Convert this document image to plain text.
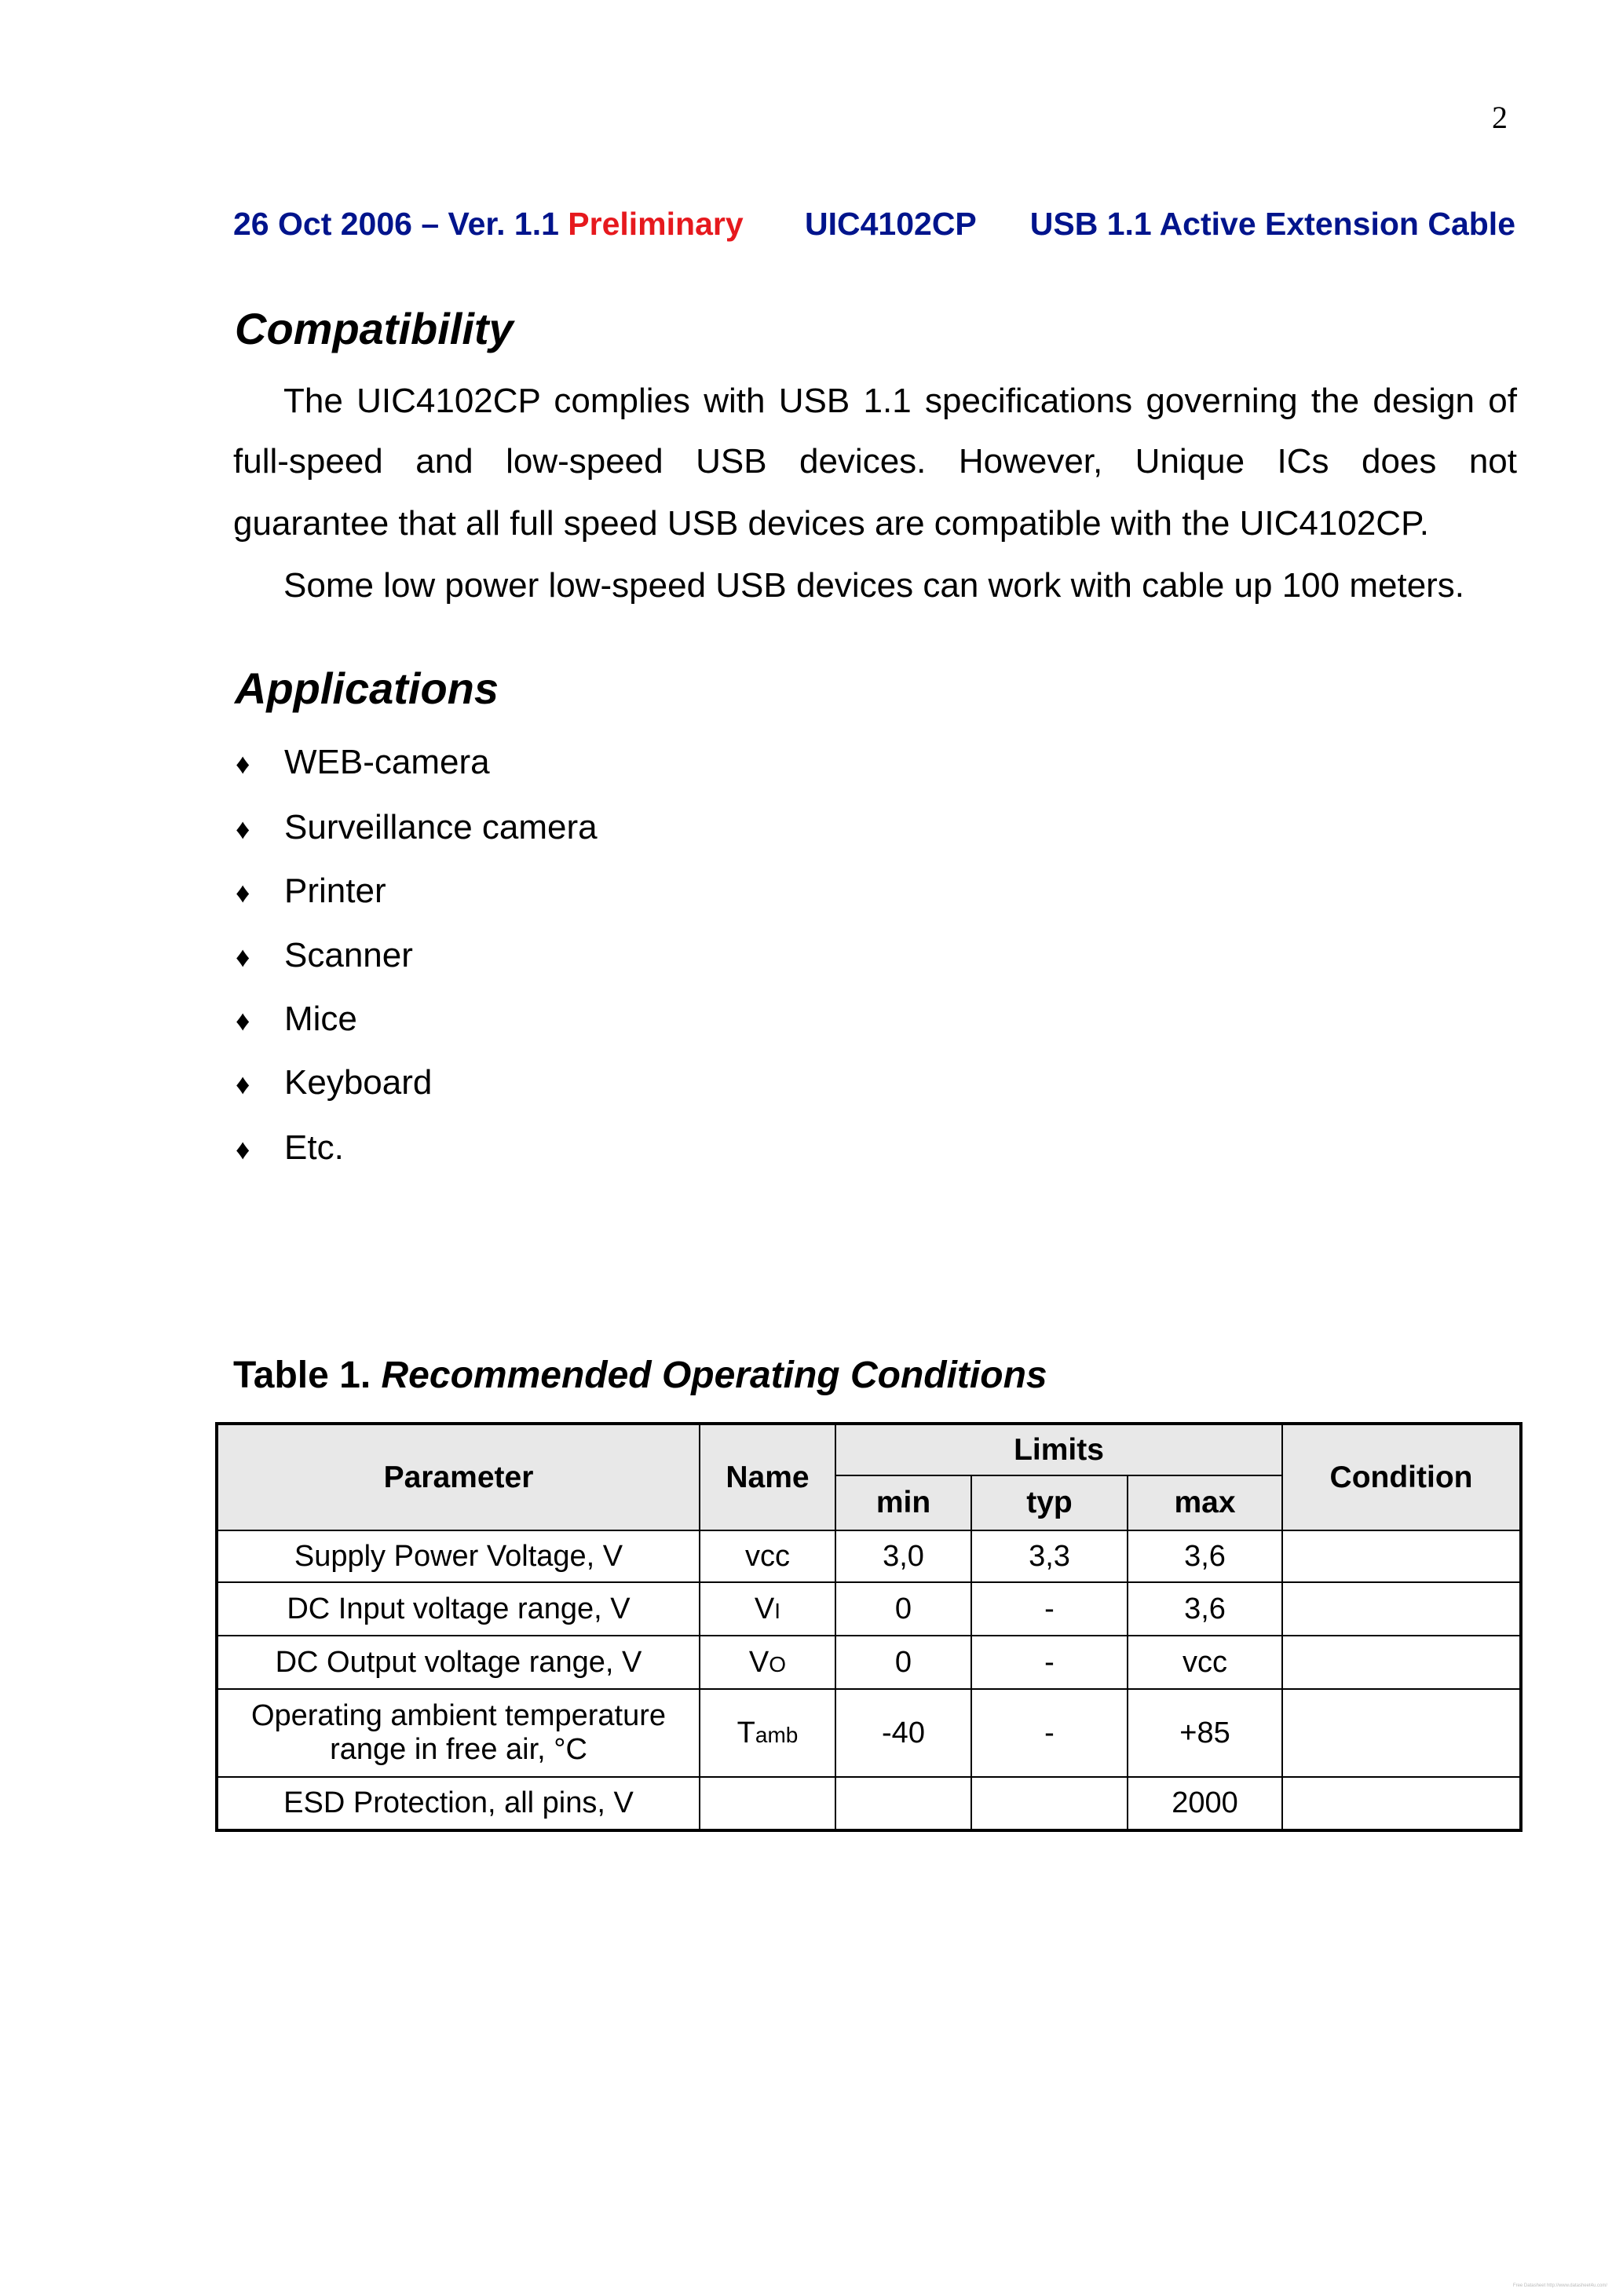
2
26 Oct 2006 – Ver. 1.1 Preliminary UIC4102CP USB 1.1 Active Extension Cable
Compatibility
The UIC4102CP complies with USB 1.1 specifications governing the design of
full-speed and low-speed USB devices. However, Unique ICs does not
guarantee that all full speed USB devices are compatible with the UIC4102CP.
Some low power low-speed USB devices can work with cable up 100 meters.
Applications
♦ WEB-camera
♦ Surveillance camera
♦ Printer
♦ Scanner
♦ Mice
♦ Keyboard
♦ Etc.
Table 1. Recommended Operating Conditions
Parameter	Name	Limits			Condition
		min	typ	max	
Supply Power Voltage, V	vcc	3,0	3,3	3,6	
DC Input voltage range, V	VI	0	-	3,6	
DC Output voltage range, V	VO	0	-	vcc	

Operating ambient temperature
range in free air, °C	Tamb	-40	-	+85	
ESD Protection, all pins, V				2000	
Free Datasheet http://www.datasheet4u.com/
